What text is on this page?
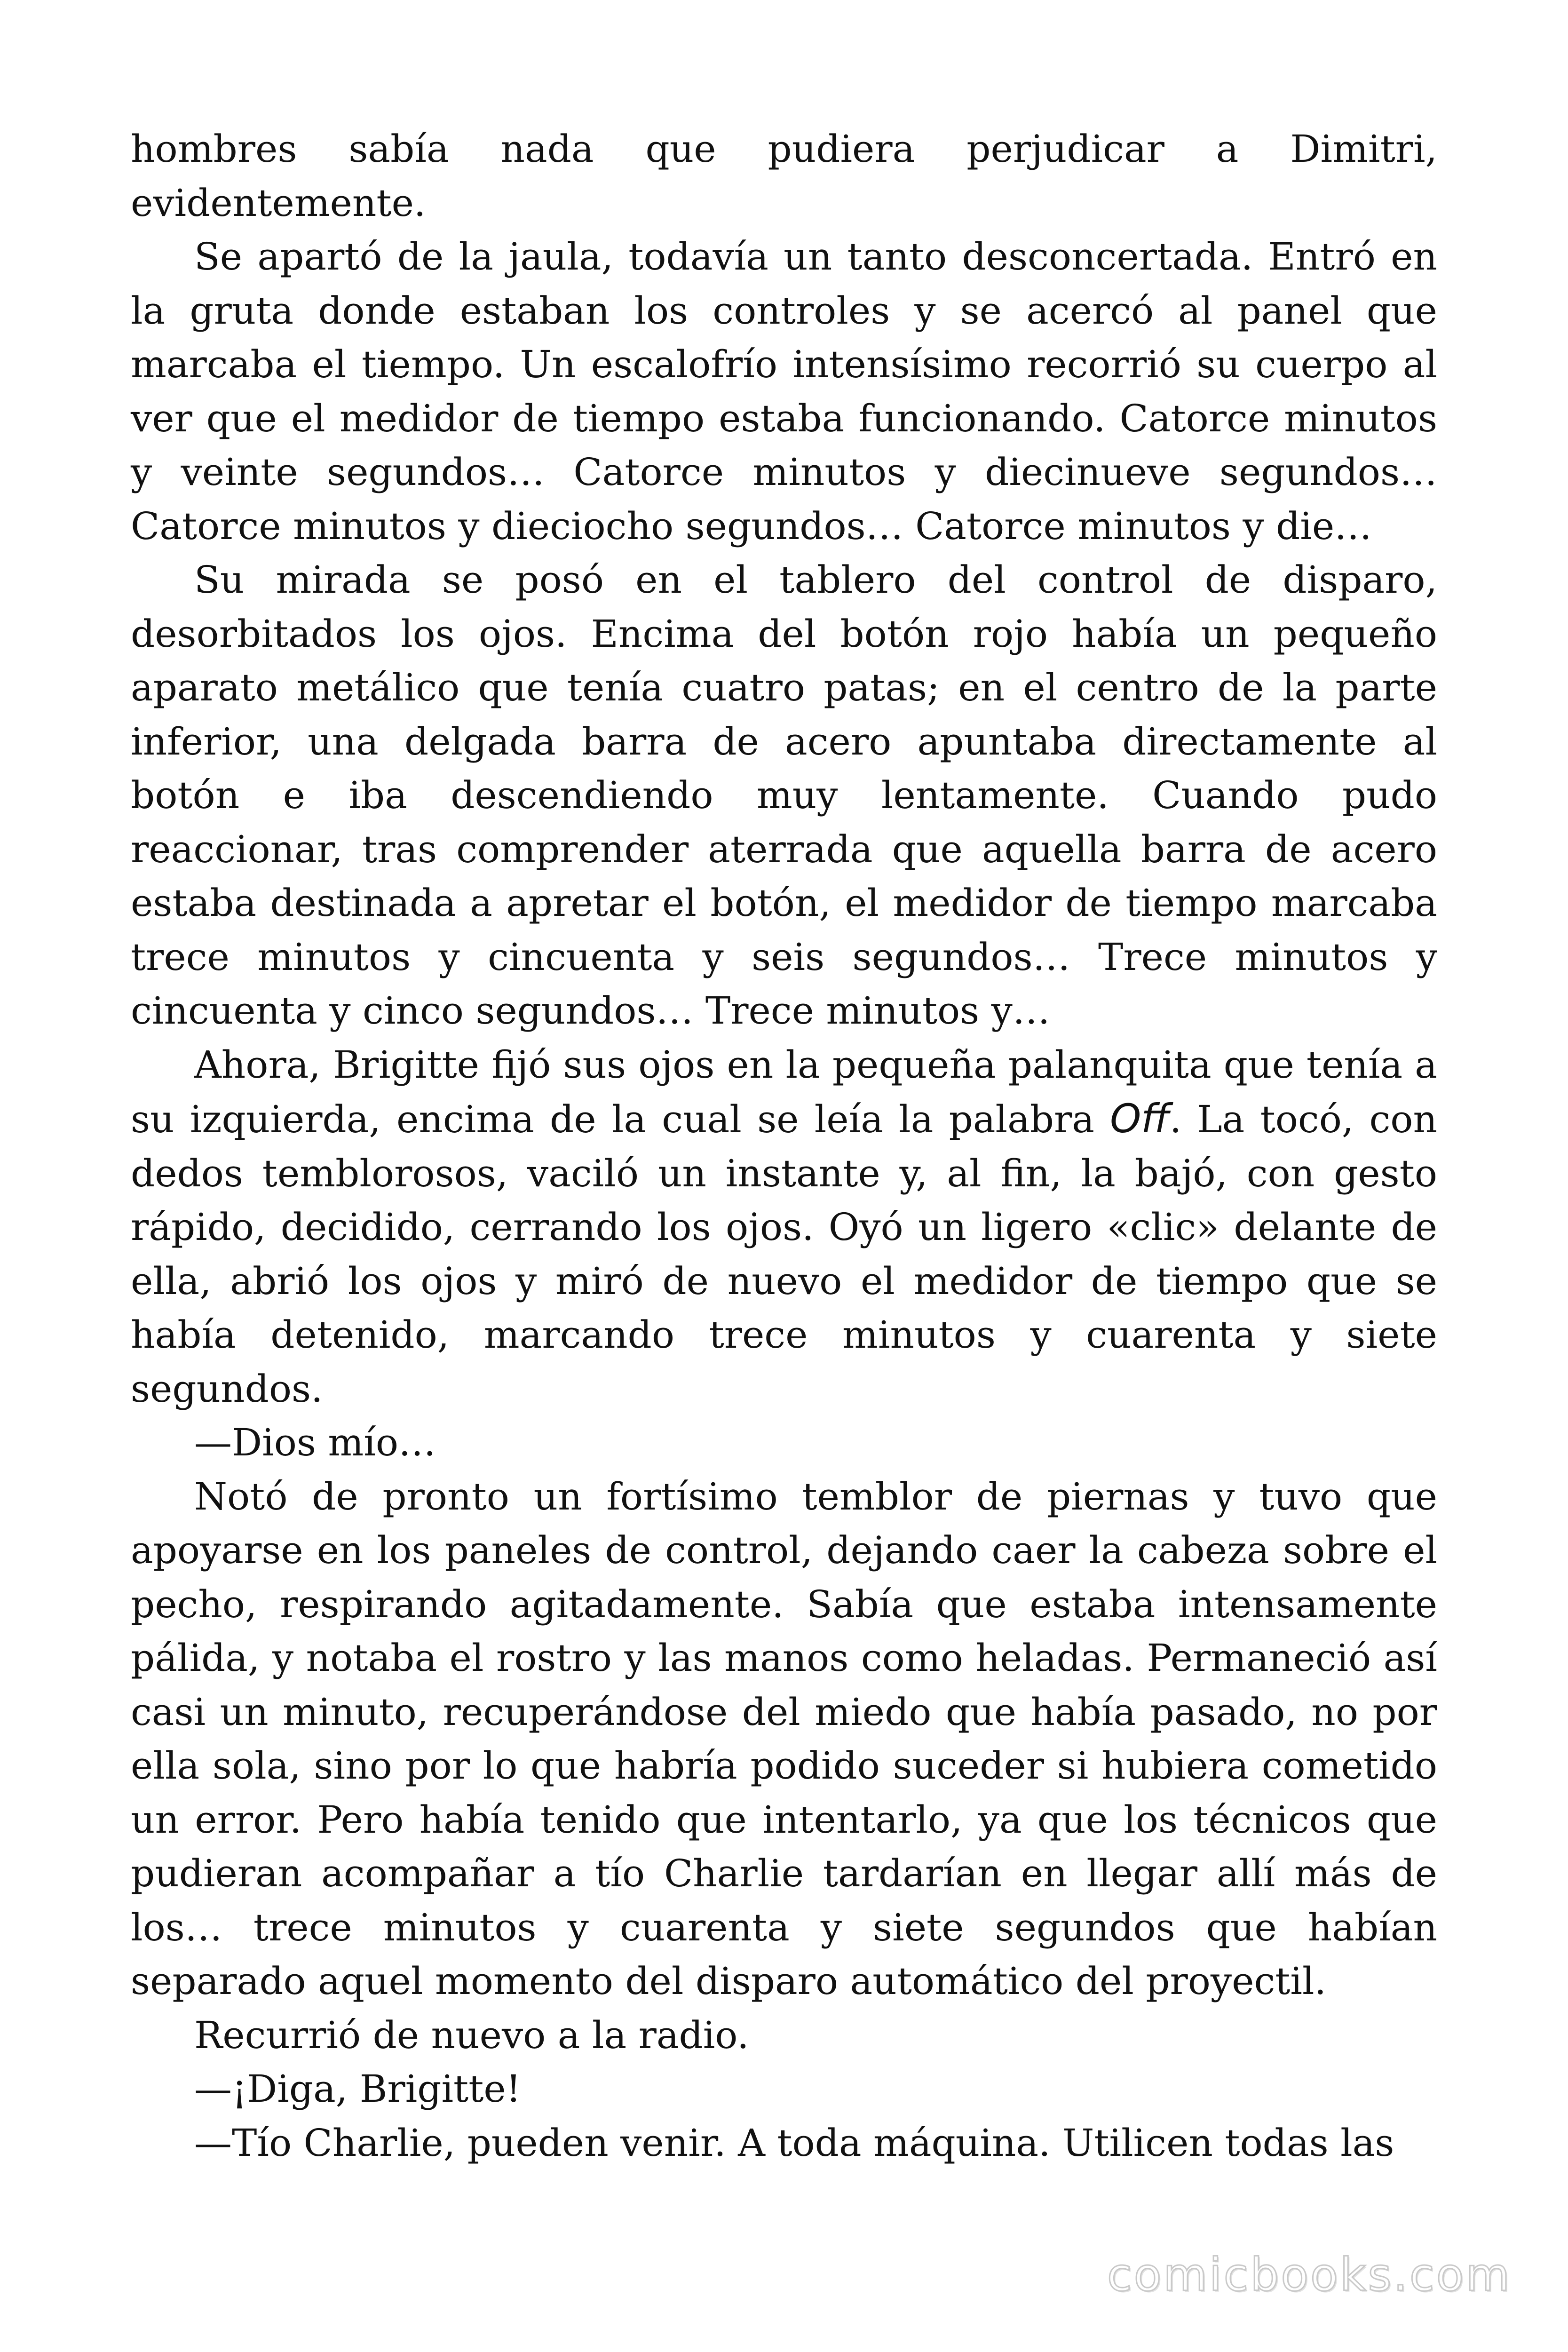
hombres sabía nada que pudiera perjudicar a Dimitri, evidentemente.

Se apartó de la jaula, todavía un tanto desconcertada. Entró en la gruta donde estaban los controles y se acercó al panel que marcaba el tiempo. Un escalofrío intensísimo recorrió su cuerpo al ver que el medidor de tiempo estaba funcionando. Catorce minutos y veinte segundos… Catorce minutos y diecinueve segundos… Catorce minutos y dieciocho segundos… Catorce minutos y die…

Su mirada se posó en el tablero del control de disparo, desorbitados los ojos. Encima del botón rojo había un pequeño aparato metálico que tenía cuatro patas; en el centro de la parte inferior, una delgada barra de acero apuntaba directamente al botón e iba descendiendo muy lentamente. Cuando pudo reaccionar, tras comprender aterrada que aquella barra de acero estaba destinada a apretar el botón, el medidor de tiempo marcaba trece minutos y cincuenta y seis segundos… Trece minutos y cincuenta y cinco segundos… Trece minutos y…

Ahora, Brigitte fijó sus ojos en la pequeña palanquita que tenía a su izquierda, encima de la cual se leía la palabra Off. La tocó, con dedos temblorosos, vaciló un instante y, al fin, la bajó, con gesto rápido, decidido, cerrando los ojos. Oyó un ligero «clic» delante de ella, abrió los ojos y miró de nuevo el medidor de tiempo que se había detenido, marcando trece minutos y cuarenta y siete segundos.

—Dios mío…

Notó de pronto un fortísimo temblor de piernas y tuvo que apoyarse en los paneles de control, dejando caer la cabeza sobre el pecho, respirando agitadamente. Sabía que estaba intensamente pálida, y notaba el rostro y las manos como heladas. Permaneció así casi un minuto, recuperándose del miedo que había pasado, no por ella sola, sino por lo que habría podido suceder si hubiera cometido un error. Pero había tenido que intentarlo, ya que los técnicos que pudieran acompañar a tío Charlie tardarían en llegar allí más de los… trece minutos y cuarenta y siete segundos que habían separado aquel momento del disparo automático del proyectil.

Recurrió de nuevo a la radio.

—¡Diga, Brigitte!

—Tío Charlie, pueden venir. A toda máquina. Utilicen todas las

comicbooks.com
